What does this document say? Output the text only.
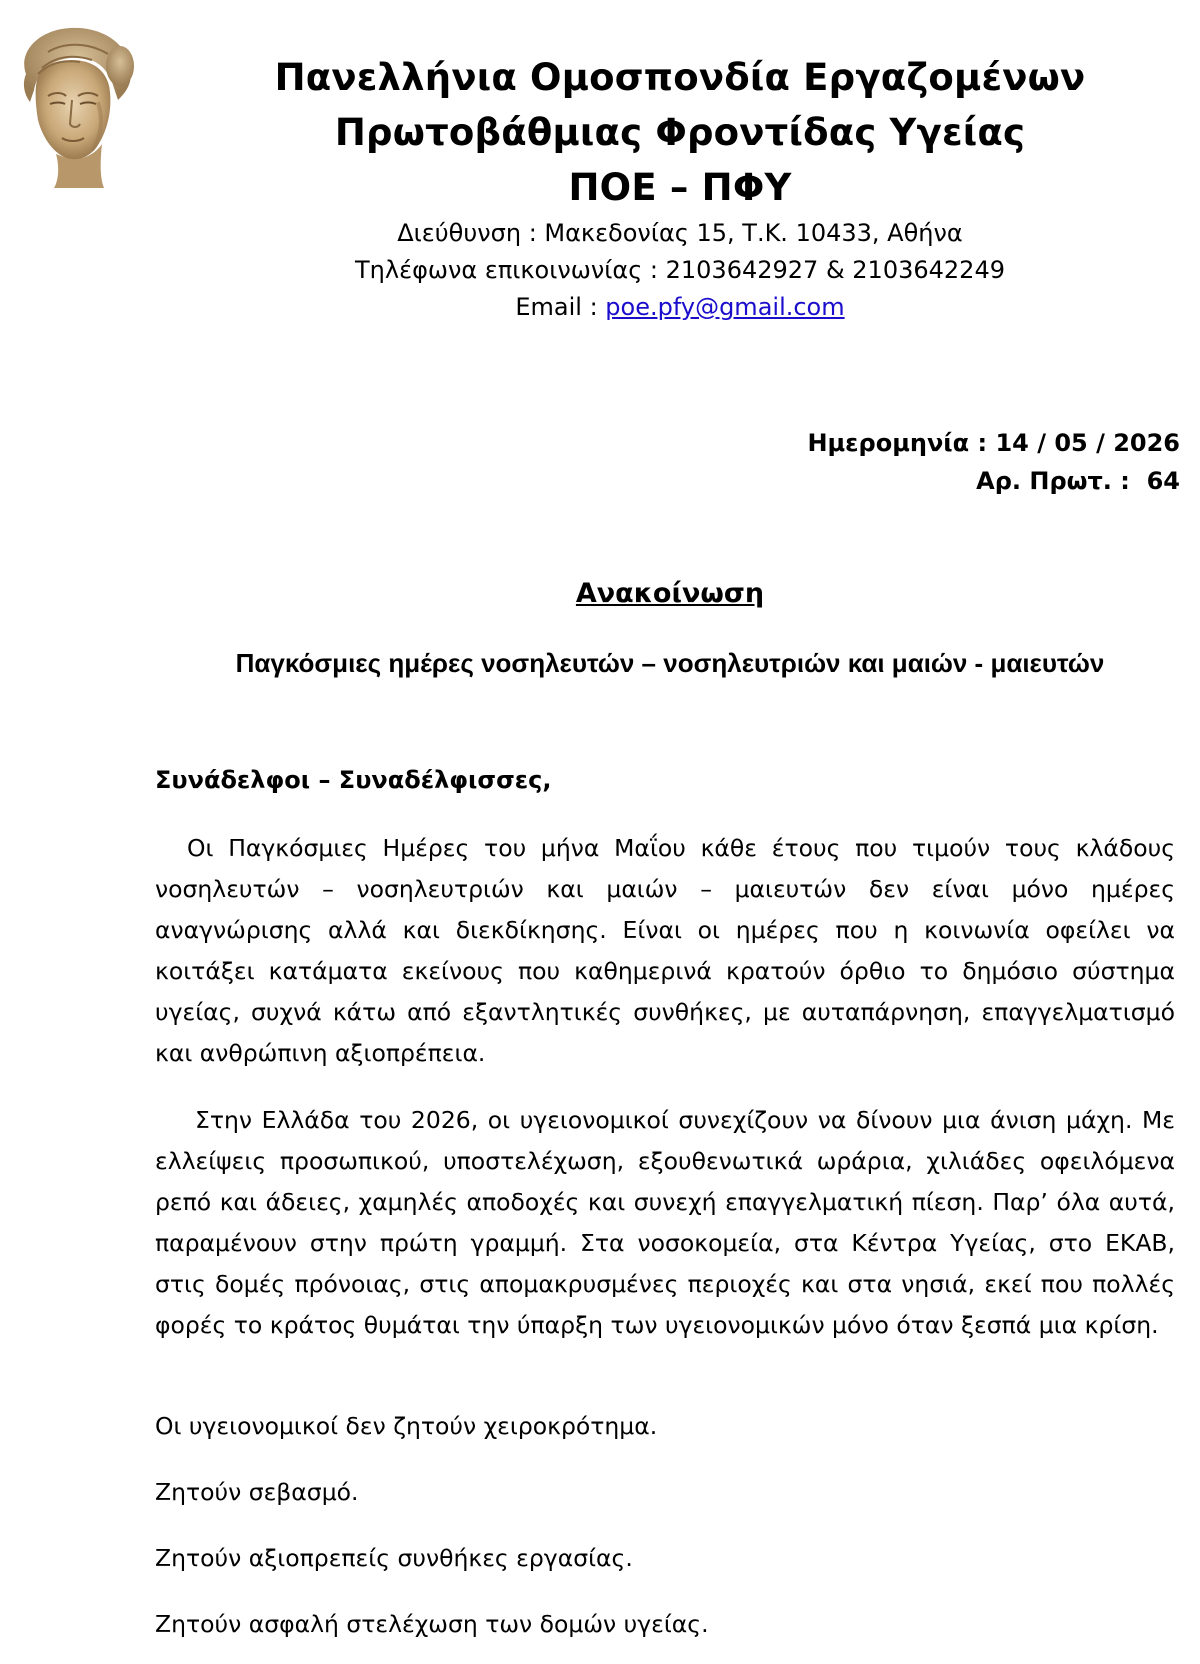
Πανελλήνια Ομοσπονδία Εργαζομένων
Πρωτοβάθμιας Φροντίδας Υγείας
ΠΟΕ – ΠΦΥ
Διεύθυνση : Μακεδονίας 15, Τ.Κ. 10433, Αθήνα
Τηλέφωνα επικοινωνίας : 2103642927 & 2103642249
Email : poe.pfy@gmail.com
Ημερομηνία : 14 / 05 / 2026
Αρ. Πρωτ. :  64
Ανακοίνωση
Παγκόσμιες ημέρες νοσηλευτών – νοσηλευτριών και μαιών - μαιευτών
Συνάδελφοι – Συναδέλφισσες,

Οι Παγκόσμιες Ημέρες του μήνα Μαΐου κάθε έτους που τιμούν τους κλάδους νοσηλευτών – νοσηλευτριών και μαιών – μαιευτών δεν είναι μόνο ημέρες αναγνώρισης αλλά και διεκδίκησης. Είναι οι ημέρες που η κοινωνία οφείλει να κοιτάξει κατάματα εκείνους που καθημερινά κρατούν όρθιο το δημόσιο σύστημα υγείας, συχνά κάτω από εξαντλητικές συνθήκες, με αυταπάρνηση, επαγγελματισμό και ανθρώπινη αξιοπρέπεια.

Στην Ελλάδα του 2026, οι υγειονομικοί συνεχίζουν να δίνουν μια άνιση μάχη. Με ελλείψεις προσωπικού, υποστελέχωση, εξουθενωτικά ωράρια, χιλιάδες οφειλόμενα ρεπό και άδειες, χαμηλές αποδοχές και συνεχή επαγγελματική πίεση. Παρ’ όλα αυτά, παραμένουν στην πρώτη γραμμή. Στα νοσοκομεία, στα Κέντρα Υγείας, στο ΕΚΑΒ, στις δομές πρόνοιας, στις απομακρυσμένες περιοχές και στα νησιά, εκεί που πολλές φορές το κράτος θυμάται την ύπαρξη των υγειονομικών μόνο όταν ξεσπά μια κρίση.

Οι υγειονομικοί δεν ζητούν χειροκρότημα.

Ζητούν σεβασμό.

Ζητούν αξιοπρεπείς συνθήκες εργασίας.

Ζητούν ασφαλή στελέχωση των δομών υγείας.
